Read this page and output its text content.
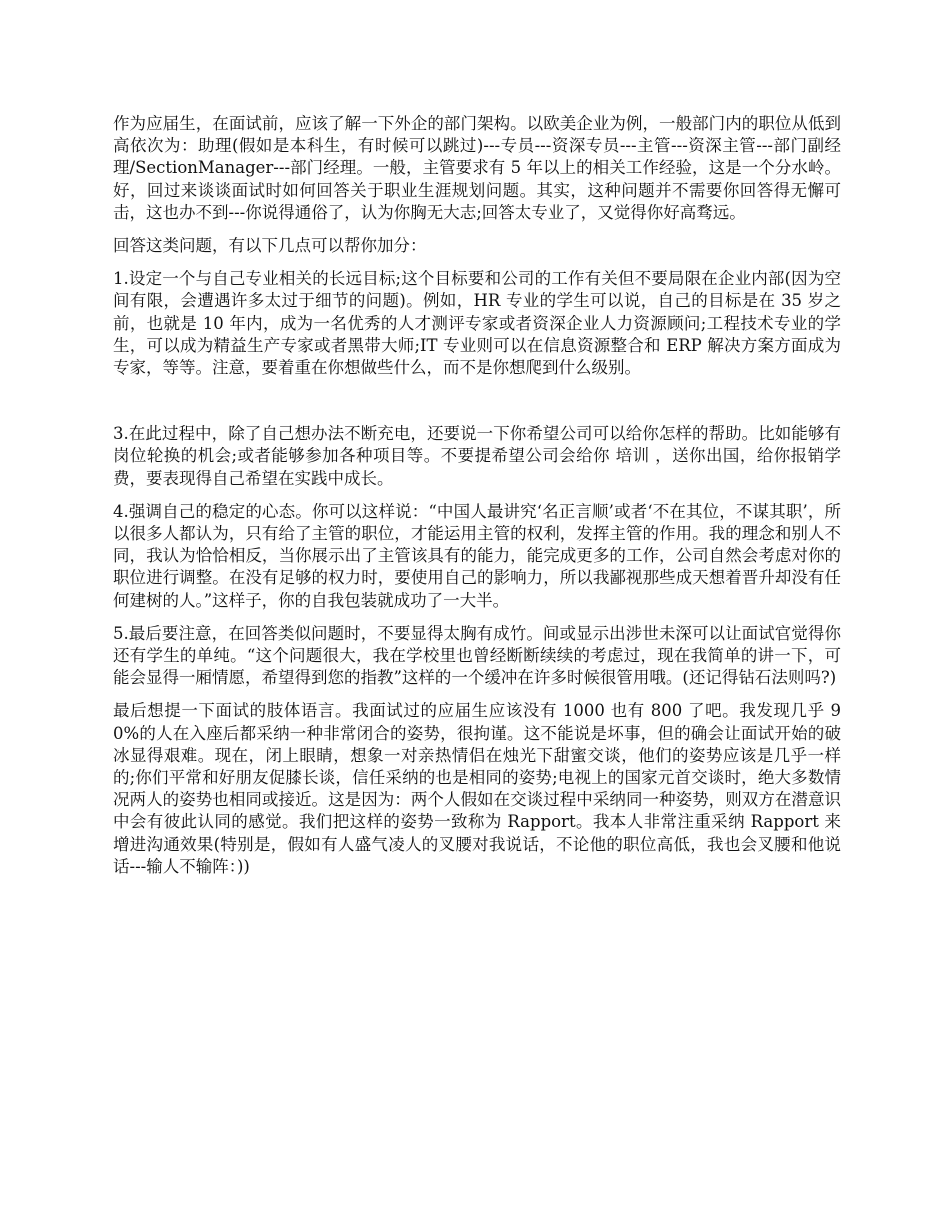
作为应届生，在面试前，应该了解一下外企的部门架构。以欧美企业为例，一般部门内的职位从低到高依次为：助理(假如是本科生，有时候可以跳过)---专员---资深专员---主管---资深主管---部门副经理/SectionManager---部门经理。一般，主管要求有 5 年以上的相关工作经验，这是一个分水岭。好，回过来谈谈面试时如何回答关于职业生涯规划问题。其实，这种问题并不需要你回答得无懈可击，这也办不到---你说得通俗了，认为你胸无大志;回答太专业了，又觉得你好高骛远。

回答这类问题，有以下几点可以帮你加分：

1.设定一个与自己专业相关的长远目标;这个目标要和公司的工作有关但不要局限在企业内部(因为空间有限，会遭遇许多太过于细节的问题)。例如，HR 专业的学生可以说，自己的目标是在 35 岁之前，也就是 10 年内，成为一名优秀的人才测评专家或者资深企业人力资源顾问;工程技术专业的学生，可以成为精益生产专家或者黑带大师;IT 专业则可以在信息资源整合和 ERP 解决方案方面成为专家，等等。注意，要着重在你想做些什么，而不是你想爬到什么级别。

3.在此过程中，除了自己想办法不断充电，还要说一下你希望公司可以给你怎样的帮助。比如能够有岗位轮换的机会;或者能够参加各种项目等。不要提希望公司会给你 培训 ，送你出国，给你报销学费，要表现得自己希望在实践中成长。

4.强调自己的稳定的心态。你可以这样说：“中国人最讲究‘名正言顺’或者‘不在其位，不谋其职’，所以很多人都认为，只有给了主管的职位，才能运用主管的权利，发挥主管的作用。我的理念和别人不同，我认为恰恰相反，当你展示出了主管该具有的能力，能完成更多的工作，公司自然会考虑对你的职位进行调整。在没有足够的权力时，要使用自己的影响力，所以我鄙视那些成天想着晋升却没有任何建树的人。”这样子，你的自我包装就成功了一大半。

5.最后要注意，在回答类似问题时，不要显得太胸有成竹。间或显示出涉世未深可以让面试官觉得你还有学生的单纯。“这个问题很大，我在学校里也曾经断断续续的考虑过，现在我简单的讲一下，可能会显得一厢情愿，希望得到您的指教”这样的一个缓冲在许多时候很管用哦。(还记得钻石法则吗?)

最后想提一下面试的肢体语言。我面试过的应届生应该没有 1000 也有 800 了吧。我发现几乎 90%的人在入座后都采纳一种非常闭合的姿势，很拘谨。这不能说是坏事，但的确会让面试开始的破冰显得艰难。现在，闭上眼睛，想象一对亲热情侣在烛光下甜蜜交谈，他们的姿势应该是几乎一样的;你们平常和好朋友促膝长谈，信任采纳的也是相同的姿势;电视上的国家元首交谈时，绝大多数情况两人的姿势也相同或接近。这是因为：两个人假如在交谈过程中采纳同一种姿势，则双方在潜意识中会有彼此认同的感觉。我们把这样的姿势一致称为 Rapport。我本人非常注重采纳 Rapport 来增进沟通效果(特别是，假如有人盛气凌人的叉腰对我说话，不论他的职位高低，我也会叉腰和他说话---输人不输阵：))
